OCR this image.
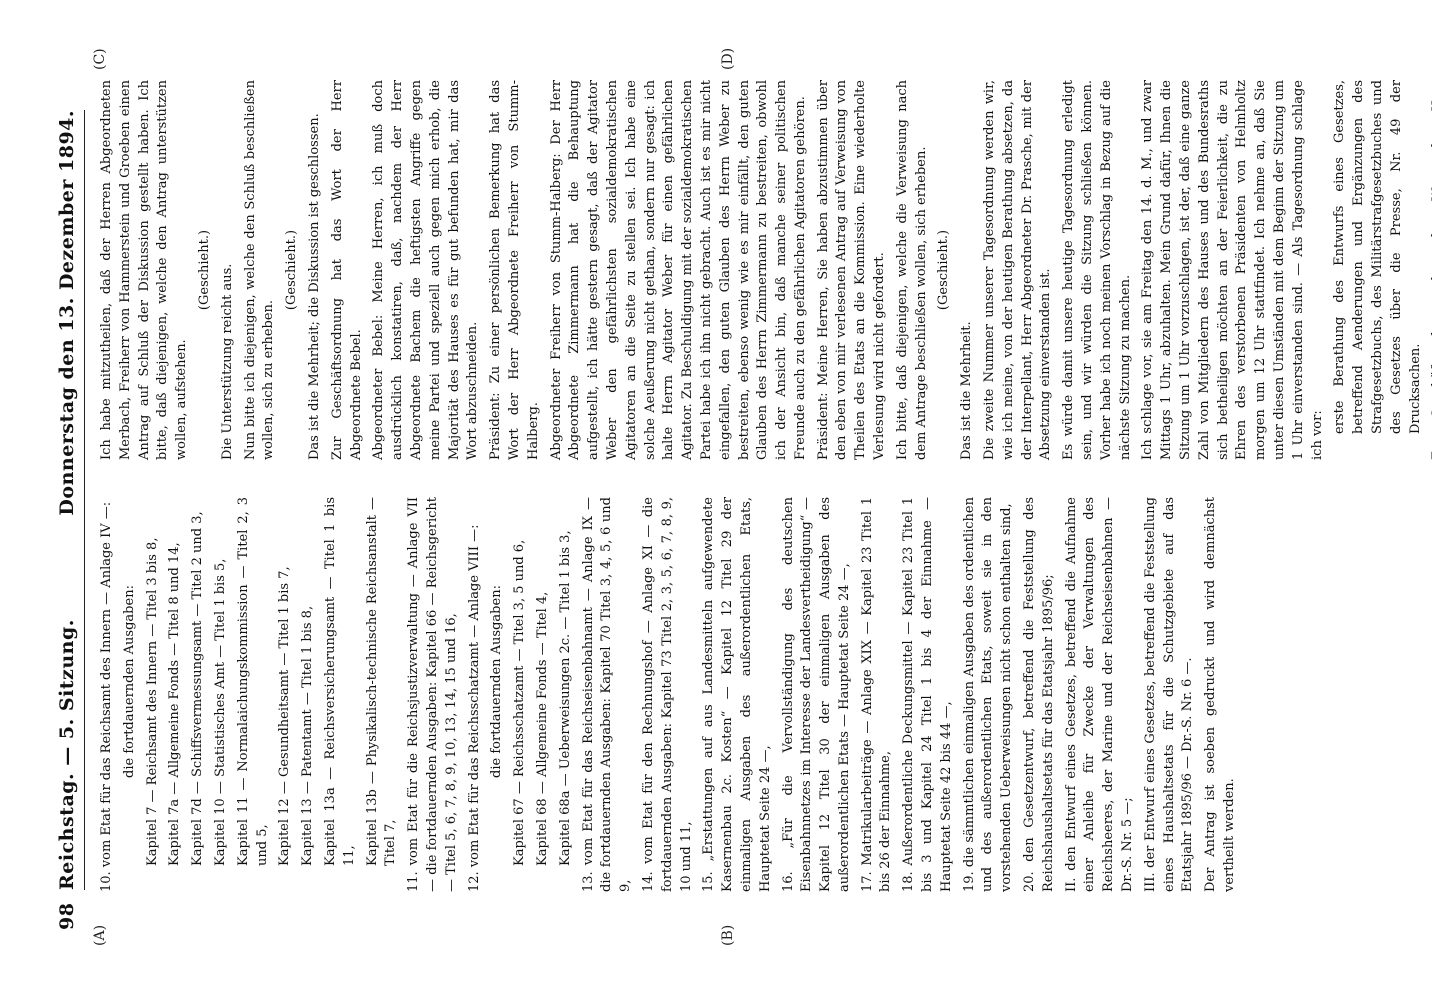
98
Reichstag. — 5. Sitzung.
Donnerstag den 13. Dezember 1894.
(A)	(B)
(C)	(D)

10. vom Etat für das Reichsamt des Innern — Anlage IV —: die fortdauernden Ausgaben: Kapitel 7 — Reichsamt des Innern — Titel 3 bis 8, Kapitel 7a — Allgemeine Fonds — Titel 8 und 14, Kapitel 7d — Schiffsvermessungsamt — Titel 2 und 3, Kapitel 10 — Statistisches Amt — Titel 1 bis 5, Kapitel 11 — Normalaichungskommission — Titel 2, 3 und 5, Kapitel 12 — Gesundheitsamt — Titel 1 bis 7, Kapitel 13 — Patentamt — Titel 1 bis 8, Kapitel 13a — Reichsversicherungsamt — Titel 1 bis 11, Kapitel 13b — Physikalisch-technische Reichsanstalt — Titel 7, 11. vom Etat für die Reichsjustizverwaltung — Anlage VII — die fortdauernden Ausgaben: Kapitel 66 — Reichsgericht — Titel 5, 6, 7, 8, 9, 10, 13, 14, 15 und 16, 12. vom Etat für das Reichsschatzamt — Anlage VIII —: die fortdauernden Ausgaben: Kapitel 67 — Reichsschatzamt — Titel 3, 5 und 6, Kapitel 68 — Allgemeine Fonds — Titel 4, Kapitel 68a — Ueberweisungen 2c. — Titel 1 bis 3, 13. vom Etat für das Reichseisenbahnamt — Anlage IX — die fortdauernden Ausgaben: Kapitel 70 Titel 3, 4, 5, 6 und 9, 14. vom Etat für den Rechnungshof — Anlage XI — die fortdauernden Ausgaben: Kapitel 73 Titel 2, 3, 5, 6, 7, 8, 9, 10 und 11, 15. „Erstattungen auf aus Landesmitteln aufgewendete Kasernenbau 2c. Kosten“ — Kapitel 12 Titel 29 der einmaligen Ausgaben des außerordentlichen Etats, Hauptetat Seite 24 —, 16. „Für die Vervollständigung des deutschen Eisenbahnnetzes im Interesse der Landesvertheidigung“ — Kapitel 12 Titel 30 der einmaligen Ausgaben des außerordentlichen Etats — Hauptetat Seite 24 —, 17. Matrikularbeiträge — Anlage XIX — Kapitel 23 Titel 1 bis 26 der Einnahme, 18. Außerordentliche Deckungsmittel — Kapitel 23 Titel 1 bis 3 und Kapitel 24 Titel 1 bis 4 der Einnahme — Hauptetat Seite 42 bis 44 —, 19. die sämmtlichen einmaligen Ausgaben des ordentlichen und des außerordentlichen Etats, soweit sie in den vorstehenden Ueberweisungen nicht schon enthalten sind, 20. den Gesetzentwurf, betreffend die Feststellung des Reichshaushaltsetats für das Etatsjahr 1895/96; II. den Entwurf eines Gesetzes, betreffend die Aufnahme einer Anleihe für Zwecke der Verwaltungen des Reichsheeres, der Marine und der Reichseisenbahnen — Dr.-S. Nr. 5 —; III. der Entwurf eines Gesetzes, betreffend die Feststellung eines Haushaltsetats für die Schutzgebiete auf das Etatsjahr 1895/96 — Dr.-S. Nr. 6 —. Der Antrag ist soeben gedruckt und wird demnächst vertheilt werden.

Ich habe mitzutheilen, daß der Herren Abgeordneten Merbach, Freiherr von Hammerstein und Groeben einen Antrag auf Schluß der Diskussion gestellt haben. Ich bitte, daß diejenigen, welche den Antrag unterstützen wollen, aufstehen.

(Geschieht.) Die Unterstützung reicht aus. Nun bitte ich diejenigen, welche den Schluß beschließen wollen, sich zu erheben.

(Geschieht.) Das ist die Mehrheit; die Diskussion ist geschlossen. Zur Geschäftsordnung hat das Wort der Herr Abgeordnete Bebel. Abgeordneter Bebel: Meine Herren, ich muß doch ausdrücklich konstatiren, daß, nachdem der Herr Abgeordnete Bachem die heftigsten Angriffe gegen meine Partei und speziell auch gegen mich erhob, die Majorität des Hauses es für gut befunden hat, mir das Wort abzuschneiden. Präsident: Zu einer persönlichen Bemerkung hat das Wort der Herr Abgeordnete Freiherr von Stumm-Halberg. Abgeordneter Freiherr von Stumm-Halberg: Der Herr Abgeordnete Zimmermann hat die Behauptung aufgestellt, ich hätte gestern gesagt, daß der Agitator Weber den gefährlichsten sozialdemokratischen Agitatoren an die Seite zu stellen sei. Ich habe eine solche Aeußerung nicht gethan, sondern nur gesagt: ich halte Herrn Agitator Weber für einen gefährlichen Agitator. Zu Beschuldigung mit der sozialdemokratischen Partei habe ich ihn nicht gebracht. Auch ist es mir nicht eingefallen, den guten Glauben des Herrn Weber zu bestreiten, ebenso wenig wie es mir einfällt, den guten Glauben des Herrn Zimmermann zu bestreiten, obwohl ich der Ansicht bin, daß manche seiner politischen Freunde auch zu den gefährlichen Agitatoren gehören. Präsident: Meine Herren, Sie haben abzustimmen über den eben von mir verlesenen Antrag auf Verweisung von Theilen des Etats an die Kommission. Eine wiederholte Verlesung wird nicht gefordert. Ich bitte, daß diejenigen, welche die Verweisung nach dem Antrage beschließen wollen, sich erheben. (Geschieht.)

Das ist die Mehrheit. Die zweite Nummer unserer Tagesordnung werden wir, wie ich meine, von der heutigen Berathung absetzen, da der Interpellant, Herr Abgeordneter Dr. Prasche, mit der Absetzung einverstanden ist. Es würde damit unsere heutige Tagesordnung erledigt sein, und wir würden die Sitzung schließen können. Vorher habe ich noch meinen Vorschlag in Bezug auf die nächste Sitzung zu machen. Ich schlage vor, sie am Freitag den 14. d. M., und zwar Mittags 1 Uhr, abzuhalten. Mein Grund dafür, Ihnen die Sitzung um 1 Uhr vorzuschlagen, ist der, daß eine ganze Zahl von Mitgliedern des Hauses und des Bundesraths sich betheiligen möchten an der Feierlichkeit, die zu Ehren des verstorbenen Präsidenten von Helmholtz morgen um 12 Uhr stattfindet. Ich nehme an, daß Sie unter diesen Umständen mit dem Beginn der Sitzung um 1 Uhr einverstanden sind. — Als Tagesordnung schlage ich vor:

erste Berathung des Entwurfs eines Gesetzes, betreffend Aenderungen und Ergänzungen des Strafgesetzbuchs, des Militärstrafgesetzbuches und des Gesetzes über die Presse, Nr. 49 der Drucksachen.
